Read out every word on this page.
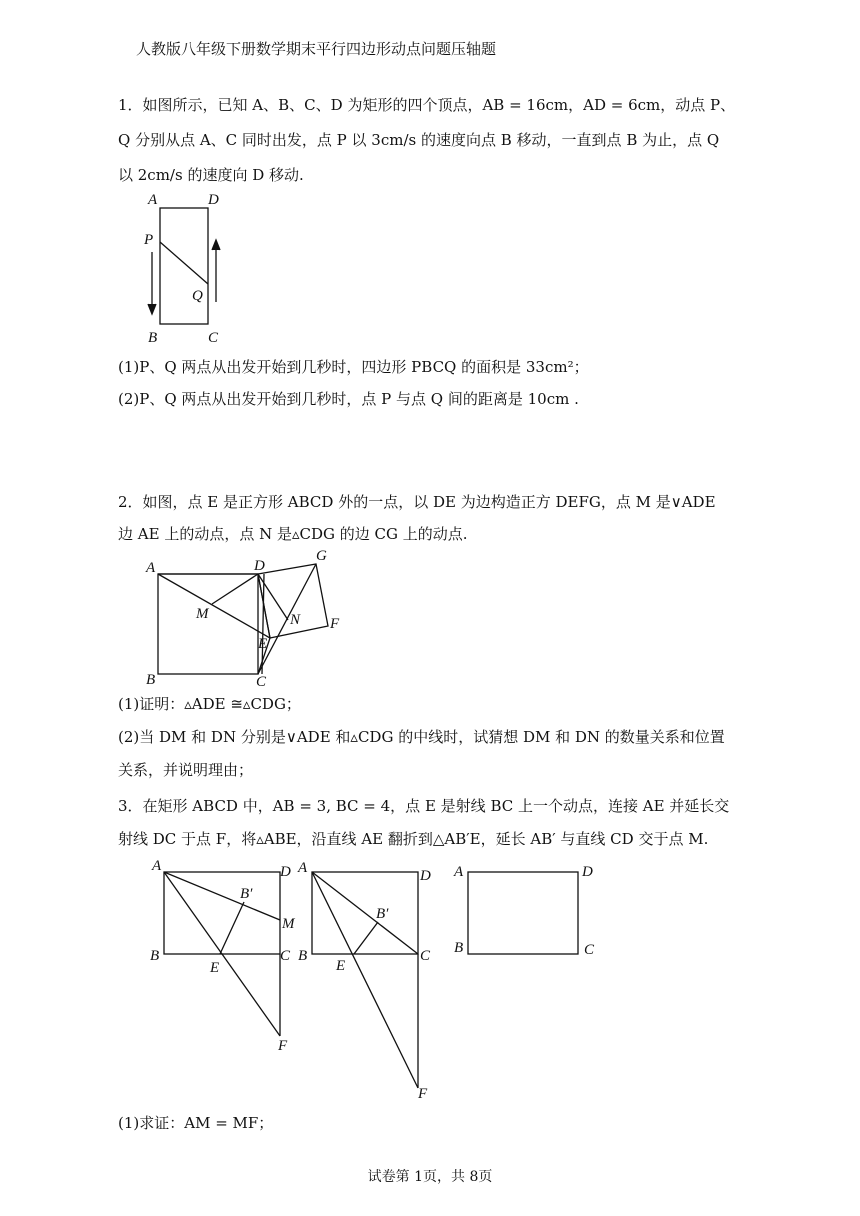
人教版八年级下册数学期末平行四边形动点问题压轴题
1．如图所示，已知 A、B、C、D 为矩形的四个顶点，AB = 16cm，AD = 6cm，动点 P、
Q 分别从点 A、C 同时出发，点 P 以 3cm/s 的速度向点 B 移动，一直到点 B 为止，点 Q
以 2cm/s 的速度向 D 移动.
A	D
P
Q
B	C
(1)P、Q 两点从出发开始到几秒时，四边形 PBCQ 的面积是 33cm²；
(2)P、Q 两点从出发开始到几秒时，点 P 与点 Q 间的距离是 10cm .
2．如图，点 E 是正方形 ABCD 外的一点，以 DE 为边构造正方 DEFG，点 M 是∨ADE
边 AE 上的动点，点 N 是▵CDG 的边 CG 上的动点.
A	D
G
M	N F
E
B	C
(1)证明：▵ADE ≅▵CDG；
(2)当 DM 和 DN 分别是∨ADE 和▵CDG 的中线时，试猜想 DM 和 DN 的数量关系和位置
关系，并说明理由；
3．在矩形 ABCD 中，AB = 3, BC = 4，点 E 是射线 BC 上一个动点，连接 AE 并延长交
射线 DC 于点 F，将▵ABE，沿直线 AE 翻折到△AB′E，延长 AB′ 与直线 CD 交于点 M.
A	D
B′
M
B
E
C
F
A	D
B′
B
E
C
F
A	D
B	C
(1)求证：AM = MF；
试卷第 1页，共 8页
